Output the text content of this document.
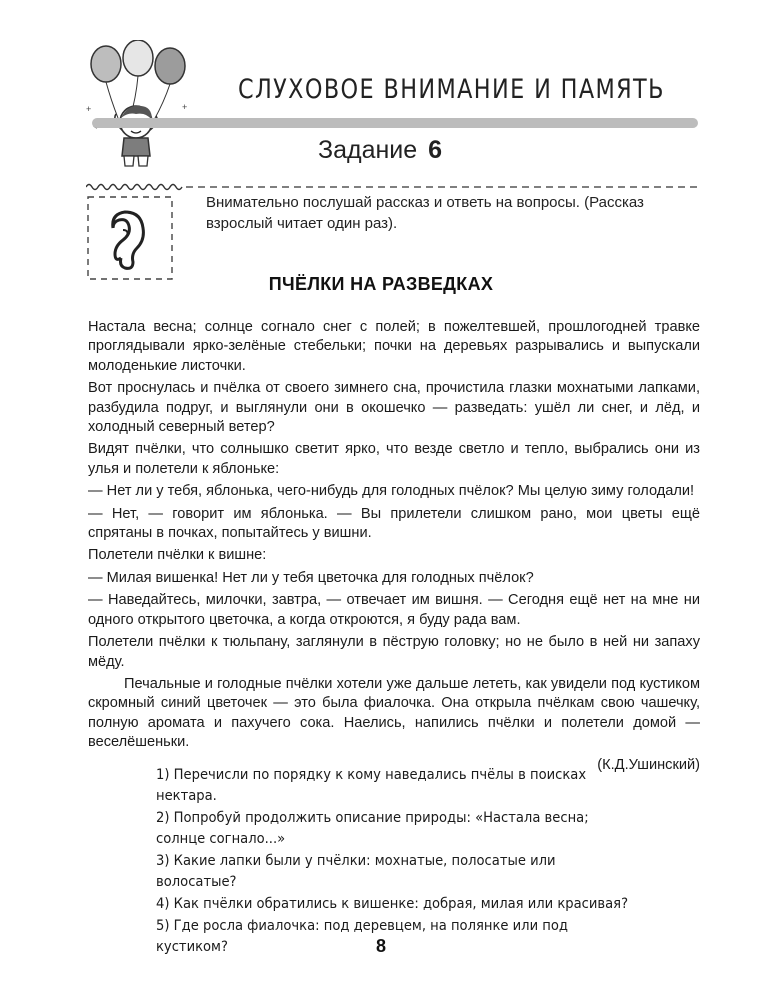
+	+
СЛУХОВОЕ ВНИМАНИЕ И ПАМЯТЬ
Задание 6
Внимательно послушай рассказ и ответь на вопросы. (Рассказ взрослый читает один раз).
ПЧЁЛКИ НА РАЗВЕДКАХ

Настала весна; солнце согнало снег с полей; в пожелтевшей, прошлогодней травке проглядывали ярко-зелёные стебельки; почки на деревьях разрывались и выпускали молоденькие листочки.

Вот проснулась и пчёлка от своего зимнего сна, прочистила глазки мохнатыми лапками, разбудила подруг, и выглянули они в окошечко — разведать: ушёл ли снег, и лёд, и холодный северный ветер?

Видят пчёлки, что солнышко светит ярко, что везде светло и тепло, выбрались они из улья и полетели к яблоньке:

— Нет ли у тебя, яблонька, чего-нибудь для голодных пчёлок? Мы целую зиму голодали!

— Нет, — говорит им яблонька. — Вы прилетели слишком рано, мои цветы ещё спрятаны в почках, попытайтесь у вишни.

Полетели пчёлки к вишне:

— Милая вишенка! Нет ли у тебя цветочка для голодных пчёлок?

— Наведайтесь, милочки, завтра, — отвечает им вишня. — Сегодня ещё нет на мне ни одного открытого цветочка, а когда откроются, я буду рада вам.

Полетели пчёлки к тюльпану, заглянули в пёструю головку; но не было в ней ни запаху мёду.

Печальные и голодные пчёлки хотели уже дальше лететь, как увидели под кустиком скромный синий цветочек — это была фиалочка. Она открыла пчёлкам свою чашечку, полную аромата и пахучего сока. Наелись, напились пчёлки и полетели домой — веселёшеньки.

(К.Д.Ушинский)

1) Перечисли по порядку к кому наведались пчёлы в поисках нектара.

2) Попробуй продолжить описание природы: «Настала весна; солнце согнало...»

3) Какие лапки были у пчёлки: мохнатые, полосатые или волосатые?

4) Как пчёлки обратились к вишенке: добрая, милая или красивая?

5) Где росла фиалочка: под деревцем, на полянке или под кустиком?	8
